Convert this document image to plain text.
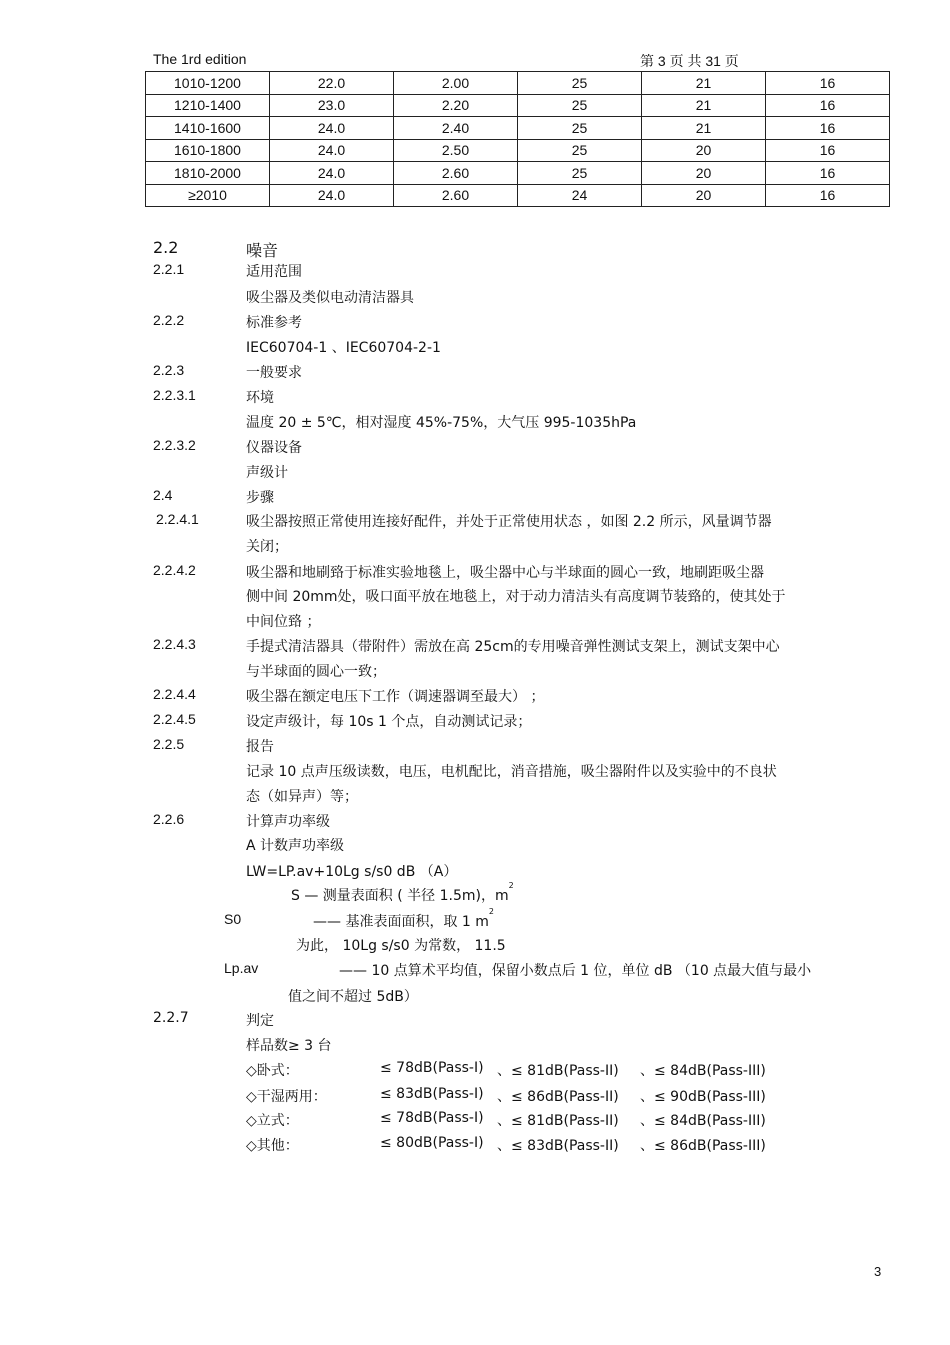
The 1rd edition	第 3 页 共 31 页
1010-1200	22.0	2.00	25	21	16
1210-1400	23.0	2.20	25	21	16
1410-1600	24.0	2.40	25	21	16
1610-1800	24.0	2.50	25	20	16
1810-2000	24.0	2.60	25	20	16
≥2010	24.0	2.60	24	20	16
2.2	噪音
2.2.1	适用范围
吸尘器及类似电动清洁器具
2.2.2	标准参考
IEC60704-1 、IEC60704-2-1
2.2.3	一般要求
2.2.3.1	环境
温度 20 ± 5℃，相对湿度 45%-75%，大气压 995-1035hPa
2.2.3.2	仪器设备
声级计
2.4	步骤
2.2.4.1	吸尘器按照正常使用连接好配件，并处于正常使用状态 ，如图 2.2 所示，风量调节器
关闭；
2.2.4.2	吸尘器和地刷臵于标准实验地毯上，吸尘器中心与半球面的圆心一致，地刷距吸尘器
侧中间 20mm处，吸口面平放在地毯上，对于动力清洁头有高度调节装臵的，使其处于
中间位臵 ；
2.2.4.3	手提式清洁器具（带附件）需放在高 25cm的专用噪音弹性测试支架上，测试支架中心
与半球面的圆心一致；
2.2.4.4	吸尘器在额定电压下工作（调速器调至最大） ；
2.2.4.5	设定声级计，每 10s 1 个点，自动测试记录；
2.2.5	报告
记录 10 点声压级读数，电压，电机配比，消音措施，吸尘器附件以及实验中的不良状
态（如异声）等；
2.2.6	计算声功率级
A 计数声功率级
LW=LP.av+10Lg s/s0 dB （A）
S — 测量表面积 ( 半径 1.5m)，$m^2$
S0	—— 基准表面面积，取 1 $m^2$
为此， 10Lg s/s0 为常数， 11.5
Lp.av	—— 10 点算术平均值，保留小数点后 1 位，单位 dB （10 点最大值与最小
值之间不超过 5dB）
2.2.7	判定
样品数≥ 3 台
◇卧式：	≤ 78dB(Pass-I) 、≤ 81dB(Pass-II) 、≤ 84dB(Pass-III)
◇干湿两用：	≤ 83dB(Pass-I) 、≤ 86dB(Pass-II) 、≤ 90dB(Pass-III)
◇立式：	≤ 78dB(Pass-I) 、≤ 81dB(Pass-II) 、≤ 84dB(Pass-III)
◇其他：	≤ 80dB(Pass-I) 、≤ 83dB(Pass-II) 、≤ 86dB(Pass-III)
3
